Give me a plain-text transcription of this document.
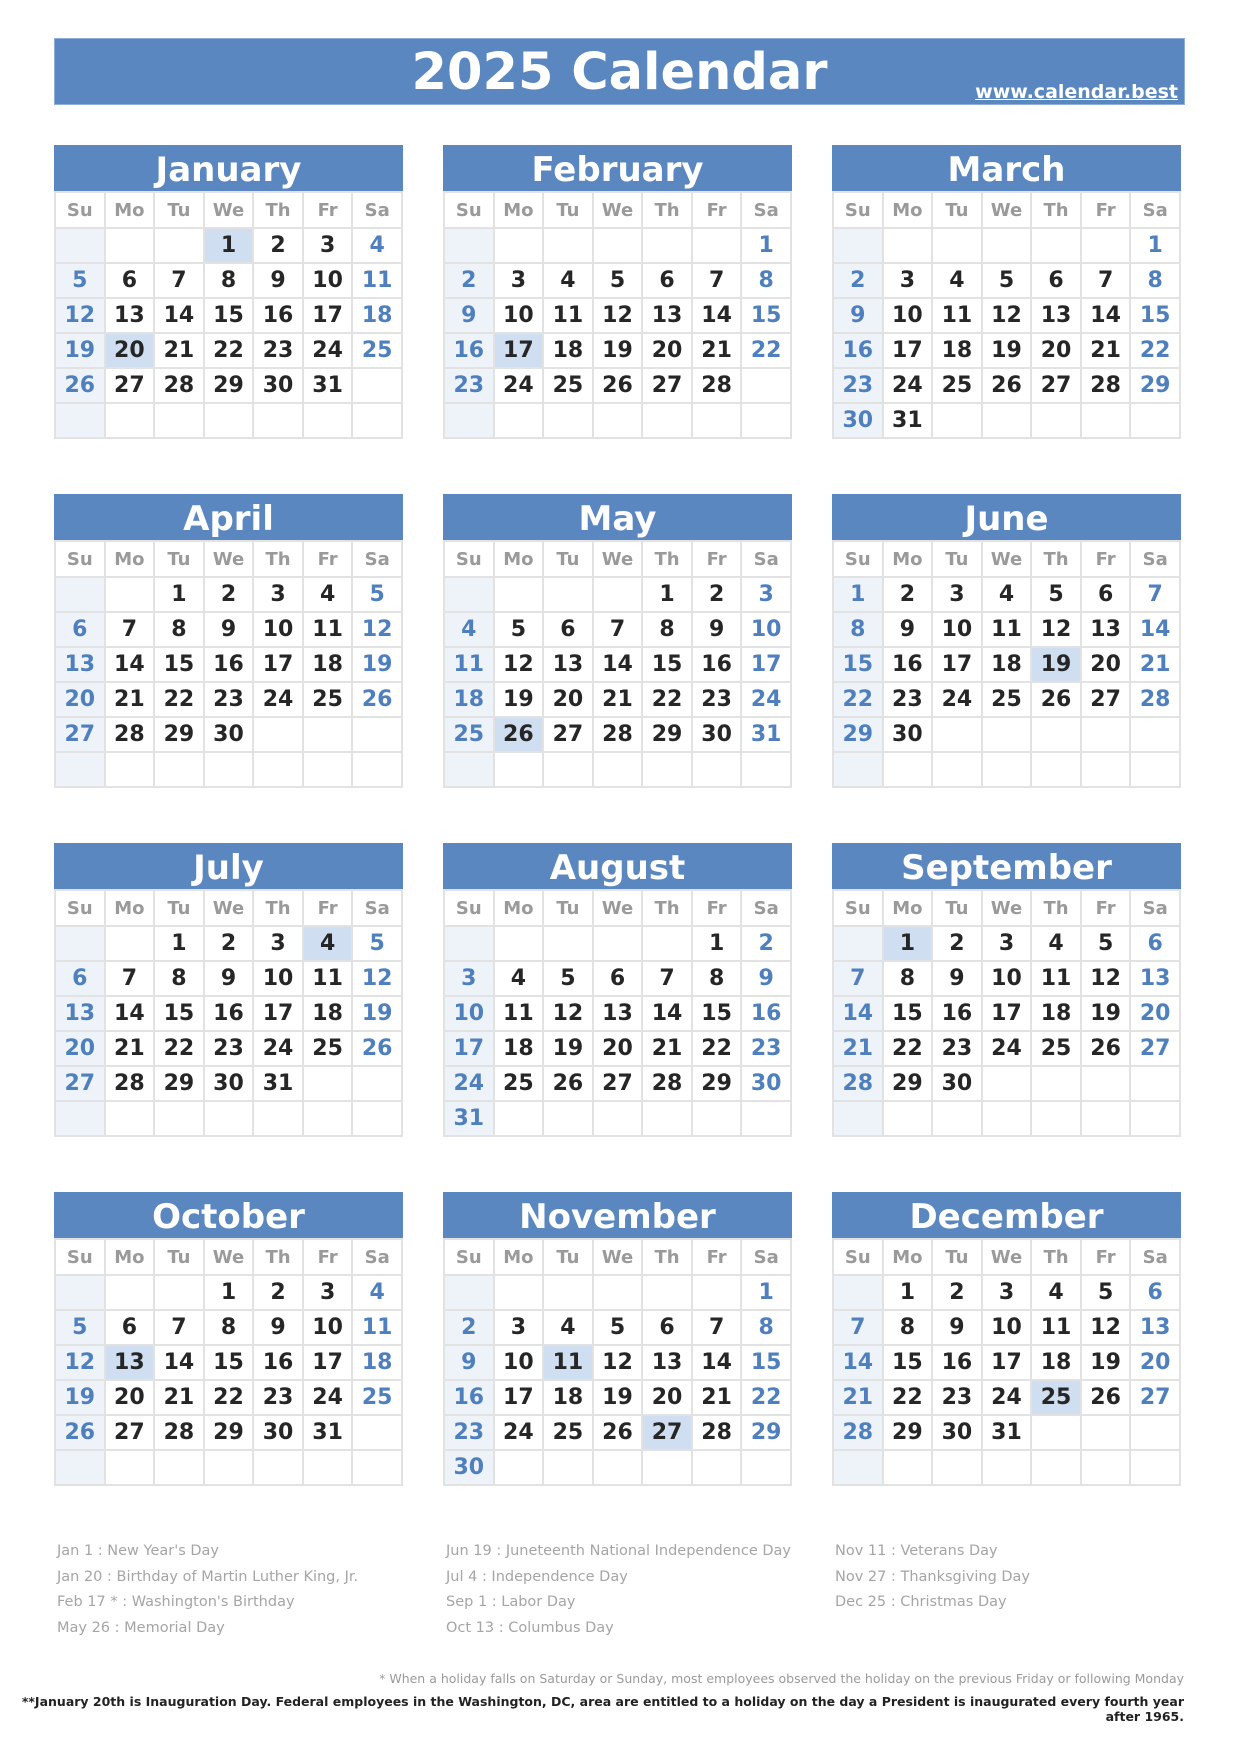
2025 Calendar	www.calendar.best
January
Su	Mo	Tu	We	Th	Fr	Sa
			1	2	3	4
5	6	7	8	9	10	11
12	13	14	15	16	17	18
19	20	21	22	23	24	25
26	27	28	29	30	31	

February
Su	Mo	Tu	We	Th	Fr	Sa
						1
2	3	4	5	6	7	8
9	10	11	12	13	14	15
16	17	18	19	20	21	22
23	24	25	26	27	28	

March
Su	Mo	Tu	We	Th	Fr	Sa
						1
2	3	4	5	6	7	8
9	10	11	12	13	14	15
16	17	18	19	20	21	22
23	24	25	26	27	28	29
30	31					
April
Su	Mo	Tu	We	Th	Fr	Sa
		1	2	3	4	5
6	7	8	9	10	11	12
13	14	15	16	17	18	19
20	21	22	23	24	25	26
27	28	29	30			

May
Su	Mo	Tu	We	Th	Fr	Sa
				1	2	3
4	5	6	7	8	9	10
11	12	13	14	15	16	17
18	19	20	21	22	23	24
25	26	27	28	29	30	31

June
Su	Mo	Tu	We	Th	Fr	Sa
1	2	3	4	5	6	7
8	9	10	11	12	13	14
15	16	17	18	19	20	21
22	23	24	25	26	27	28
29	30					

July
Su	Mo	Tu	We	Th	Fr	Sa
		1	2	3	4	5
6	7	8	9	10	11	12
13	14	15	16	17	18	19
20	21	22	23	24	25	26
27	28	29	30	31		

August
Su	Mo	Tu	We	Th	Fr	Sa
					1	2
3	4	5	6	7	8	9
10	11	12	13	14	15	16
17	18	19	20	21	22	23
24	25	26	27	28	29	30
31						
September
Su	Mo	Tu	We	Th	Fr	Sa
	1	2	3	4	5	6
7	8	9	10	11	12	13
14	15	16	17	18	19	20
21	22	23	24	25	26	27
28	29	30				

October
Su	Mo	Tu	We	Th	Fr	Sa
			1	2	3	4
5	6	7	8	9	10	11
12	13	14	15	16	17	18
19	20	21	22	23	24	25
26	27	28	29	30	31	

November
Su	Mo	Tu	We	Th	Fr	Sa
						1
2	3	4	5	6	7	8
9	10	11	12	13	14	15
16	17	18	19	20	21	22
23	24	25	26	27	28	29
30						
December
Su	Mo	Tu	We	Th	Fr	Sa
	1	2	3	4	5	6
7	8	9	10	11	12	13
14	15	16	17	18	19	20
21	22	23	24	25	26	27
28	29	30	31			

Jan 1 : New Year's Day
Jan 20 : Birthday of Martin Luther King, Jr.
Feb 17 * : Washington's Birthday
May 26 : Memorial Day
Jun 19 : Juneteenth National Independence Day
Jul 4 : Independence Day
Sep 1 : Labor Day
Oct 13 : Columbus Day
Nov 11 : Veterans Day
Nov 27 : Thanksgiving Day
Dec 25 : Christmas Day
* When a holiday falls on Saturday or Sunday, most employees observed the holiday on the previous Friday or following Monday
**January 20th is Inauguration Day. Federal employees in the Washington, DC, area are entitled to a holiday on the day a President is inaugurated every fourth year after 1965.
